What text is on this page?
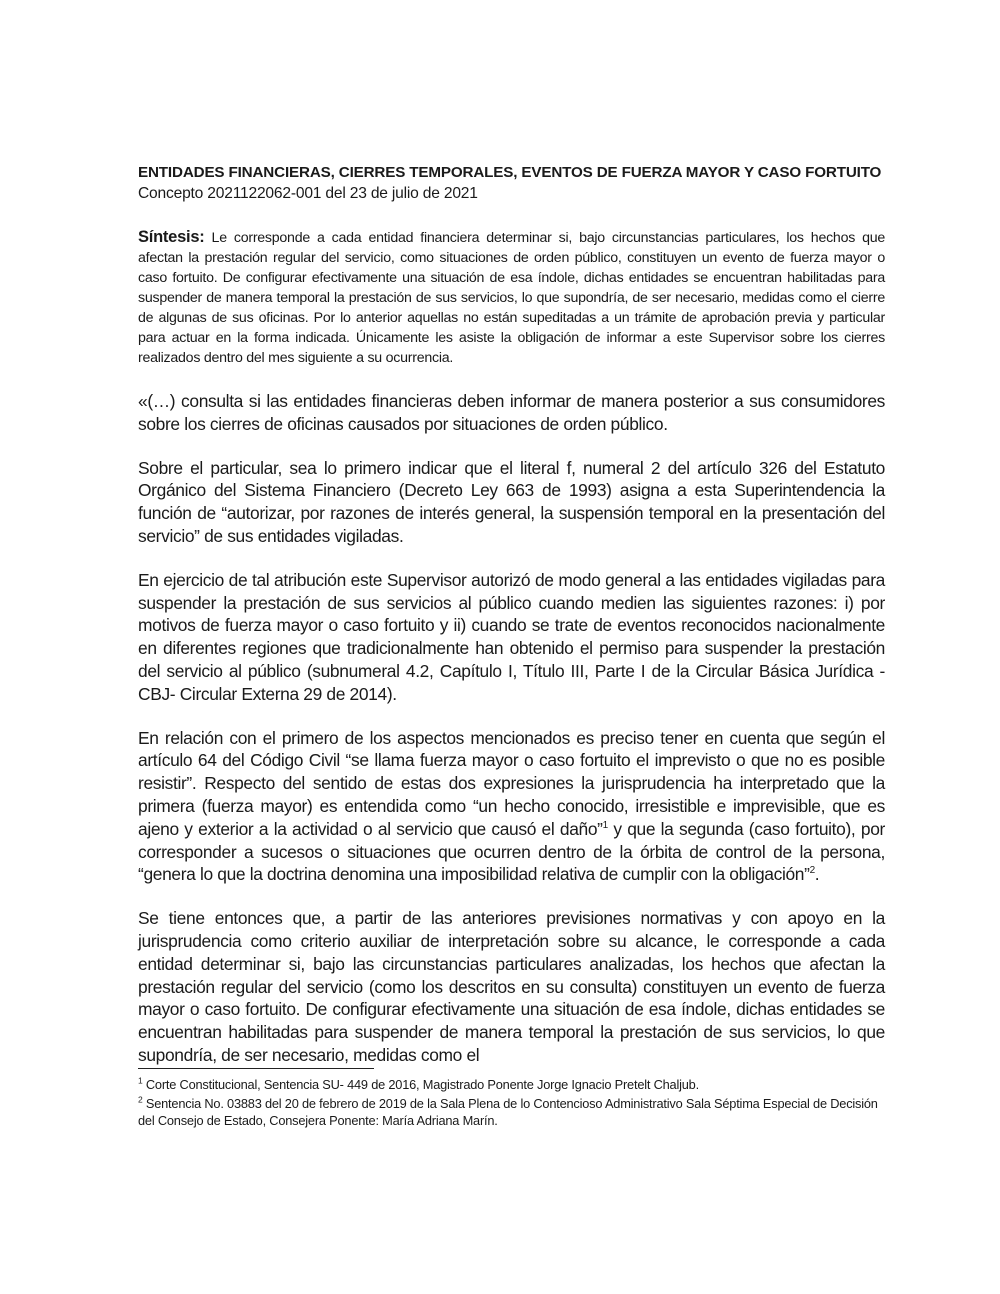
ENTIDADES FINANCIERAS, CIERRES TEMPORALES, EVENTOS DE FUERZA MAYOR Y CASO FORTUITO

Concepto 2021122062-001 del 23 de julio de 2021

Síntesis: Le corresponde a cada entidad financiera determinar si, bajo circunstancias particulares, los hechos que afectan la prestación regular del servicio, como situaciones de orden público, constituyen un evento de fuerza mayor o caso fortuito. De configurar efectivamente una situación de esa índole, dichas entidades se encuentran habilitadas para suspender de manera temporal la prestación de sus servicios, lo que supondría, de ser necesario, medidas como el cierre de algunas de sus oficinas. Por lo anterior aquellas no están supeditadas a un trámite de aprobación previa y particular para actuar en la forma indicada. Únicamente les asiste la obligación de informar a este Supervisor sobre los cierres realizados dentro del mes siguiente a su ocurrencia.

«(…) consulta si las entidades financieras deben informar de manera posterior a sus consumidores sobre los cierres de oficinas causados por situaciones de orden público.

Sobre el particular, sea lo primero indicar que el literal f, numeral 2 del artículo 326 del Estatuto Orgánico del Sistema Financiero (Decreto Ley 663 de 1993) asigna a esta Superintendencia la función de “autorizar, por razones de interés general, la suspensión temporal en la presentación del servicio” de sus entidades vigiladas.

En ejercicio de tal atribución este Supervisor autorizó de modo general a las entidades vigiladas para suspender la prestación de sus servicios al público cuando medien las siguientes razones: i) por motivos de fuerza mayor o caso fortuito y ii) cuando se trate de eventos reconocidos nacionalmente en diferentes regiones que tradicionalmente han obtenido el permiso para suspender la prestación del servicio al público (subnumeral 4.2, Capítulo I, Título III, Parte I de la Circular Básica Jurídica -CBJ- Circular Externa 29 de 2014).

En relación con el primero de los aspectos mencionados es preciso tener en cuenta que según el artículo 64 del Código Civil “se llama fuerza mayor o caso fortuito el imprevisto o que no es posible resistir”. Respecto del sentido de estas dos expresiones la jurisprudencia ha interpretado que la primera (fuerza mayor) es entendida como “un hecho conocido, irresistible e imprevisible, que es ajeno y exterior a la actividad o al servicio que causó el daño”$^1$ y que la segunda (caso fortuito), por corresponder a sucesos o situaciones que ocurren dentro de la órbita de control de la persona, “genera lo que la doctrina denomina una imposibilidad relativa de cumplir con la obligación”$^2$.

Se tiene entonces que, a partir de las anteriores previsiones normativas y con apoyo en la jurisprudencia como criterio auxiliar de interpretación sobre su alcance, le corresponde a cada entidad determinar si, bajo las circunstancias particulares analizadas, los hechos que afectan la prestación regular del servicio (como los descritos en su consulta) constituyen un evento de fuerza mayor o caso fortuito. De configurar efectivamente una situación de esa índole, dichas entidades se encuentran habilitadas para suspender de manera temporal la prestación de sus servicios, lo que supondría, de ser necesario, medidas como el

$^1$ Corte Constitucional, Sentencia SU- 449 de 2016, Magistrado Ponente Jorge Ignacio Pretelt Chaljub.

$^2$ Sentencia No. 03883 del 20 de febrero de 2019 de la Sala Plena de lo Contencioso Administrativo Sala Séptima Especial de Decisión del Consejo de Estado, Consejera Ponente: María Adriana Marín.
